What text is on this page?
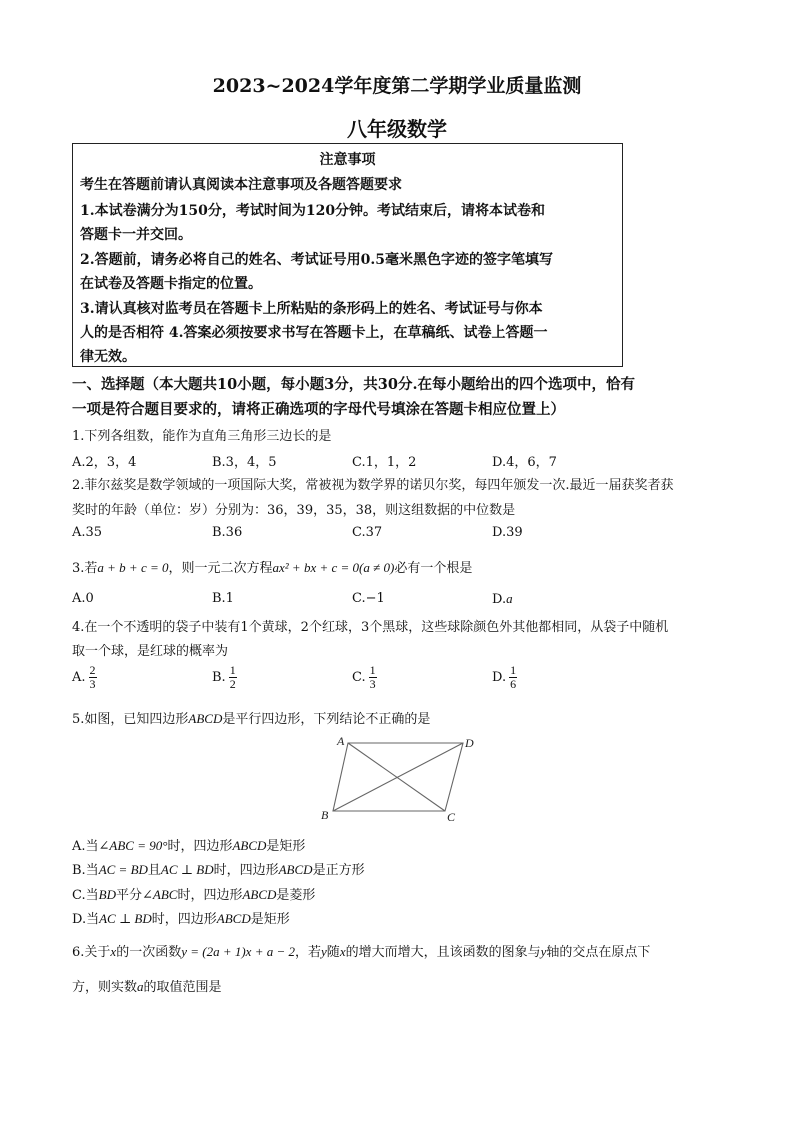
2023~2024学年度第二学期学业质量监测
八年级数学
注意事项
考生在答题前请认真阅读本注意事项及各题答题要求
1.本试卷满分为150分，考试时间为120分钟。考试结束后，请将本试卷和
答题卡一并交回。
2.答题前，请务必将自己的姓名、考试证号用0.5毫米黑色字迹的签字笔填写
在试卷及答题卡指定的位置。
3.请认真核对监考员在答题卡上所粘贴的条形码上的姓名、考试证号与你本
人的是否相符 4.答案必须按要求书写在答题卡上，在草稿纸、试卷上答题一
律无效。
一、选择题（本大题共10小题，每小题3分，共30分.在每小题给出的四个选项中，恰有
一项是符合题目要求的，请将正确选项的字母代号填涂在答题卡相应位置上）
1.下列各组数，能作为直角三角形三边长的是
A.2，3，4	B.3，4，5	C.1，1，2	D.4，6，7
2.菲尔兹奖是数学领域的一项国际大奖，常被视为数学界的诺贝尔奖，每四年颁发一次.最近一届获奖者获
奖时的年龄（单位：岁）分别为：36，39，35，38，则这组数据的中位数是
A.35	B.36	C.37	D.39
3.若a + b + c = 0，则一元二次方程ax² + bx + c = 0(a ≠ 0)必有一个根是
A.0	B.1	C.−1	D.a
4.在一个不透明的袋子中装有1个黄球，2个红球，3个黑球，这些球除颜色外其他都相同，从袋子中随机
取一个球，是红球的概率为
A. $\frac{2}{3}$	B. $\frac{1}{2}$	C. $\frac{1}{3}$	D. $\frac{1}{6}$
5.如图，已知四边形ABCD是平行四边形，下列结论不正确的是
A	D
B	C
A.当∠ABC = 90°时，四边形ABCD是矩形
B.当AC = BD且AC ⊥ BD时，四边形ABCD是正方形
C.当BD平分∠ABC时，四边形ABCD是菱形
D.当AC ⊥ BD时，四边形ABCD是矩形
6.关于x的一次函数y = (2a + 1)x + a − 2，若y随x的增大而增大，且该函数的图象与y轴的交点在原点下
方，则实数a的取值范围是
